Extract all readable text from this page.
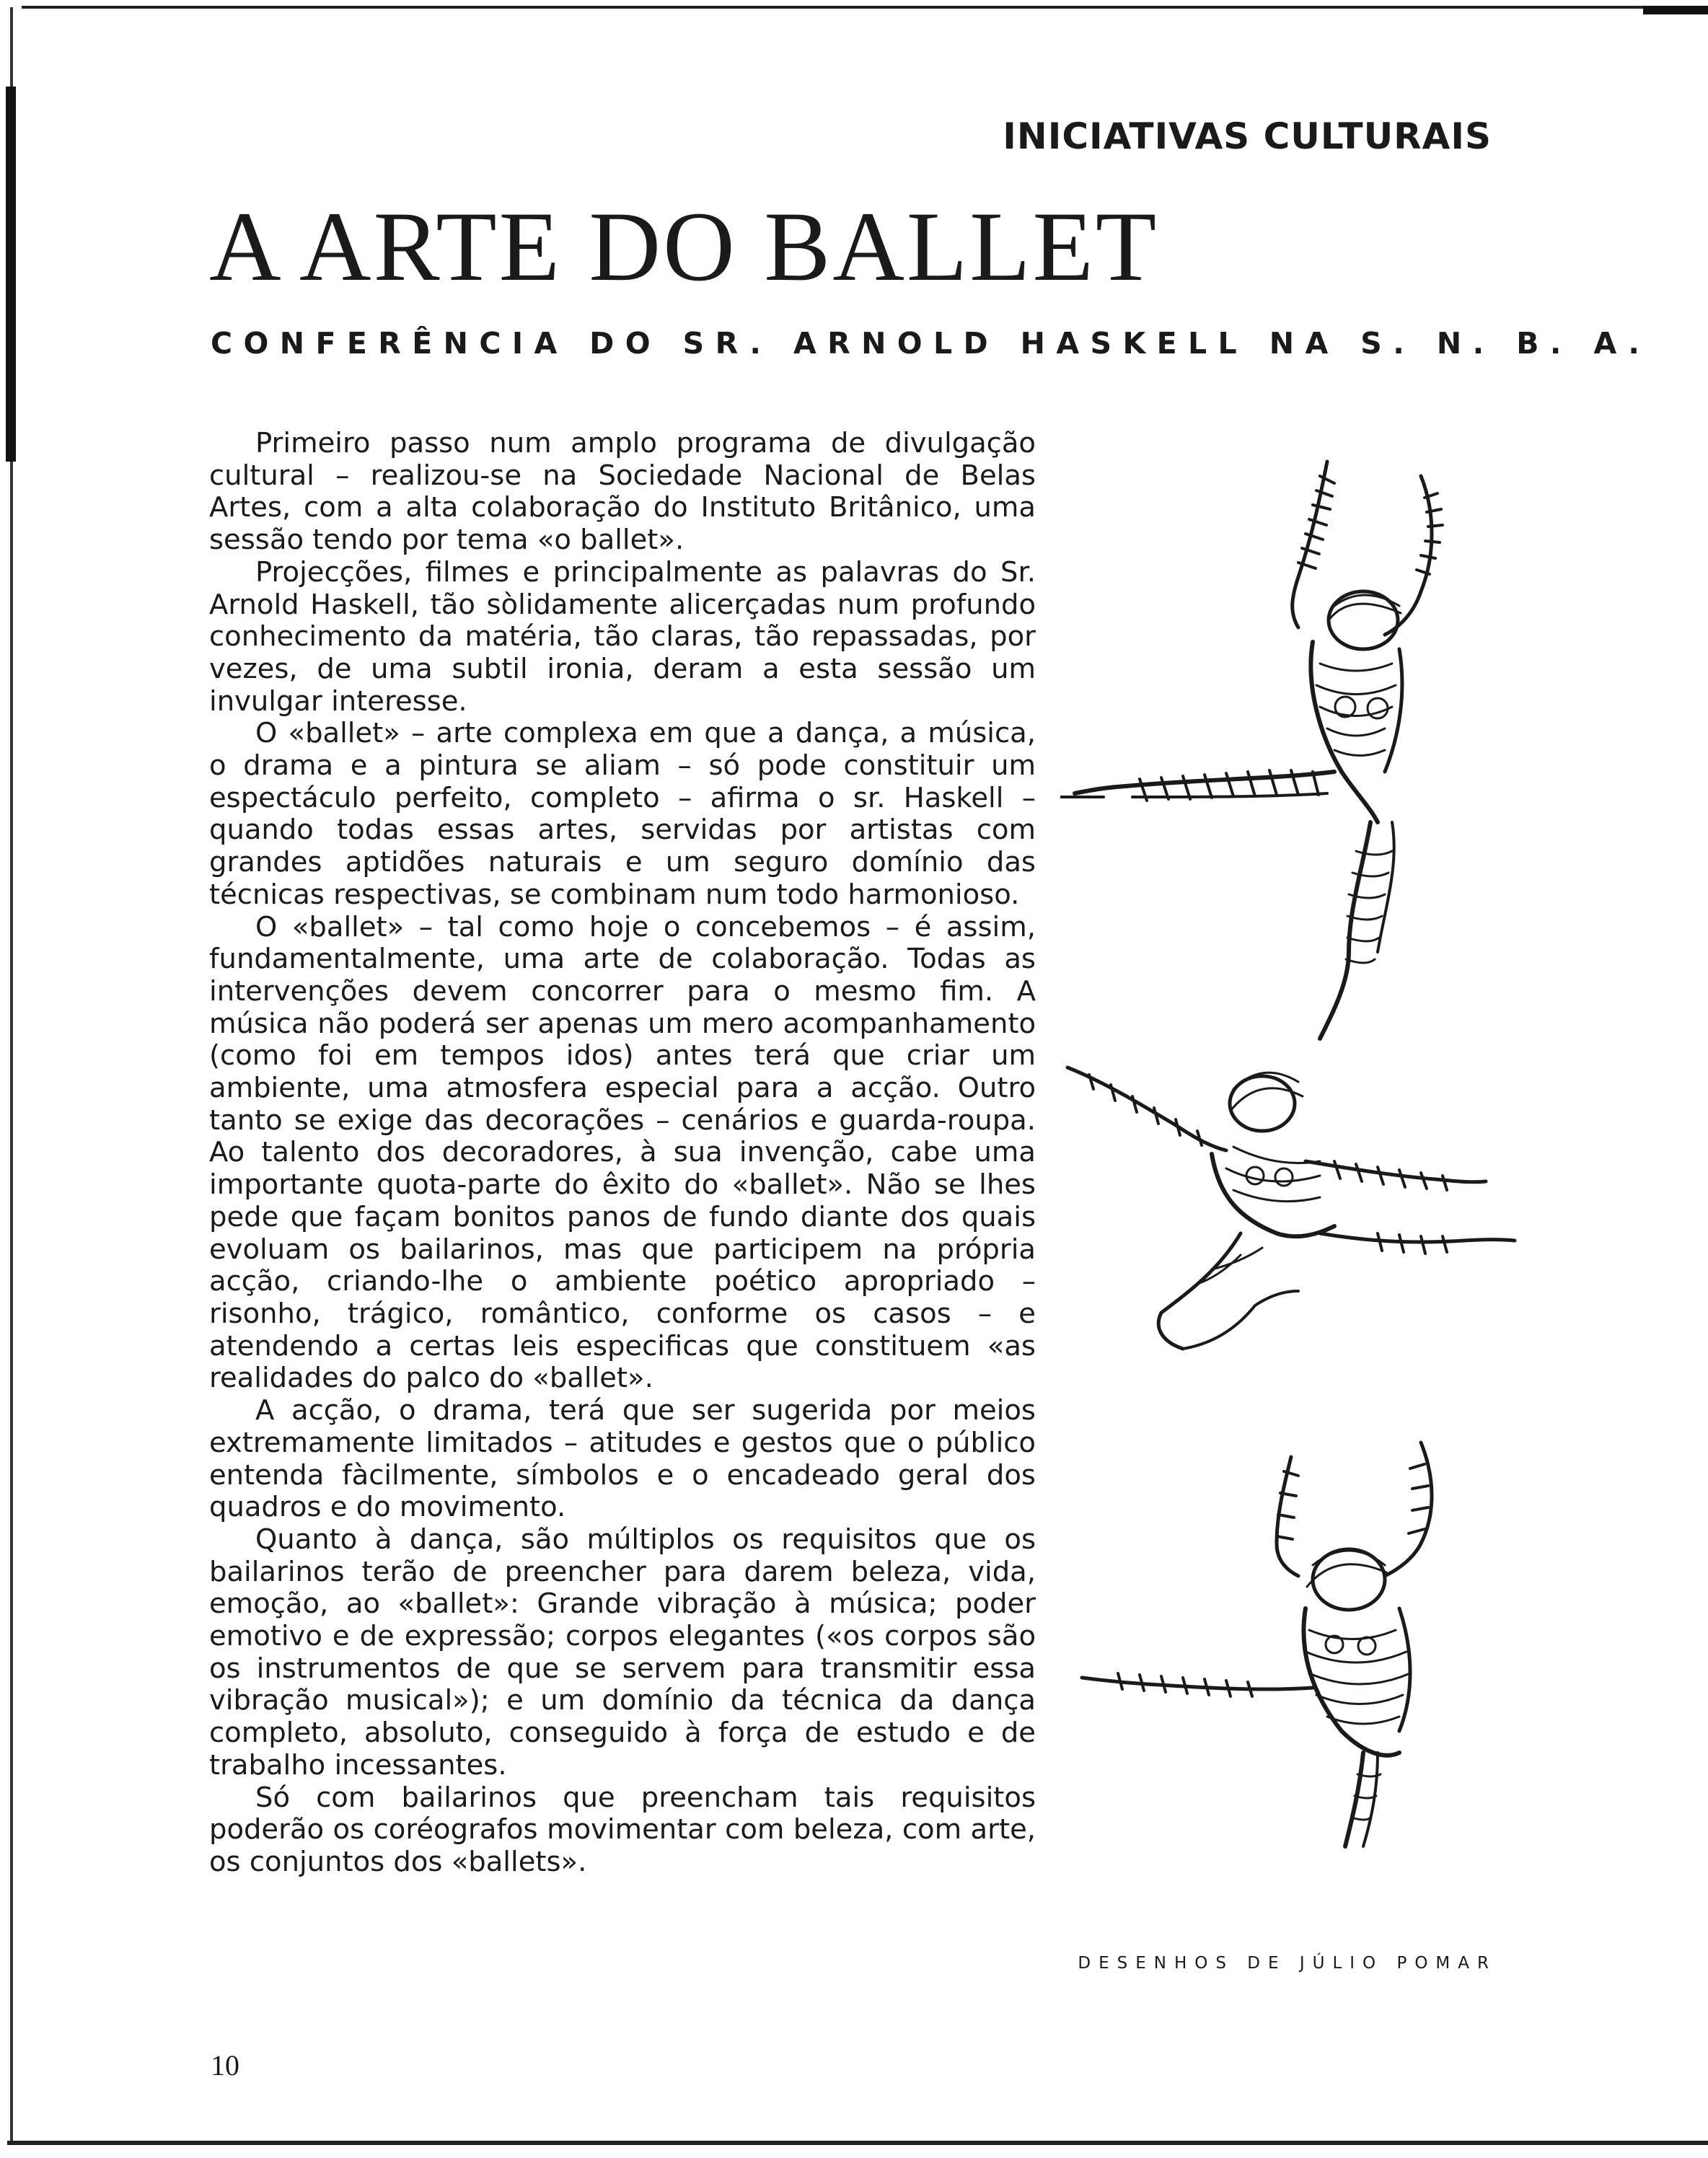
INICIATIVAS CULTURAIS
A ARTE DO BALLET
CONFERÊNCIA DO SR. ARNOLD HASKELL NA S. N. B. A.

Primeiro passo num amplo programa de divulgação cultural – realizou-se na Sociedade Nacional de Belas Artes, com a alta colaboração do Instituto Britânico, uma sessão tendo por tema «o ballet».

Projecções, filmes e principalmente as palavras do Sr. Arnold Haskell, tão sòlidamente alicerçadas num profundo conhecimento da matéria, tão claras, tão repassadas, por vezes, de uma subtil ironia, deram a esta sessão um invulgar interesse.

O «ballet» – arte complexa em que a dança, a música, o drama e a pintura se aliam – só pode constituir um espectáculo perfeito, completo – afirma o sr. Haskell – quando todas essas artes, servidas por artistas com grandes aptidões naturais e um seguro domínio das técnicas respectivas, se combinam num todo harmonioso.

O «ballet» – tal como hoje o concebemos – é assim, fundamentalmente, uma arte de colaboração. Todas as intervenções devem concorrer para o mesmo fim. A música não poderá ser apenas um mero acompanhamento (como foi em tempos idos) antes terá que criar um ambiente, uma atmosfera especial para a acção. Outro tanto se exige das decorações – cenários e guarda-roupa. Ao talento dos decoradores, à sua invenção, cabe uma importante quota-parte do êxito do «ballet». Não se lhes pede que façam bonitos panos de fundo diante dos quais evoluam os bailarinos, mas que participem na própria acção, criando-lhe o ambiente poético apropriado – risonho, trágico, romântico, conforme os casos – e atendendo a certas leis especificas que constituem «as realidades do palco do «ballet».

A acção, o drama, terá que ser sugerida por meios extremamente limitados – atitudes e gestos que o público entenda fàcilmente, símbolos e o encadeado geral dos quadros e do movimento.

Quanto à dança, são múltiplos os requisitos que os bailarinos terão de preencher para darem beleza, vida, emoção, ao «ballet»: Grande vibração à música; poder emotivo e de expressão; corpos elegantes («os corpos são os instrumentos de que se servem para transmitir essa vibração musical»); e um domínio da técnica da dança completo, absoluto, conseguido à força de estudo e de trabalho incessantes.

Só com bailarinos que preencham tais requisitos poderão os coréografos movimentar com beleza, com arte, os conjuntos dos «ballets».

DESENHOS DE JÚLIO POMAR

10
